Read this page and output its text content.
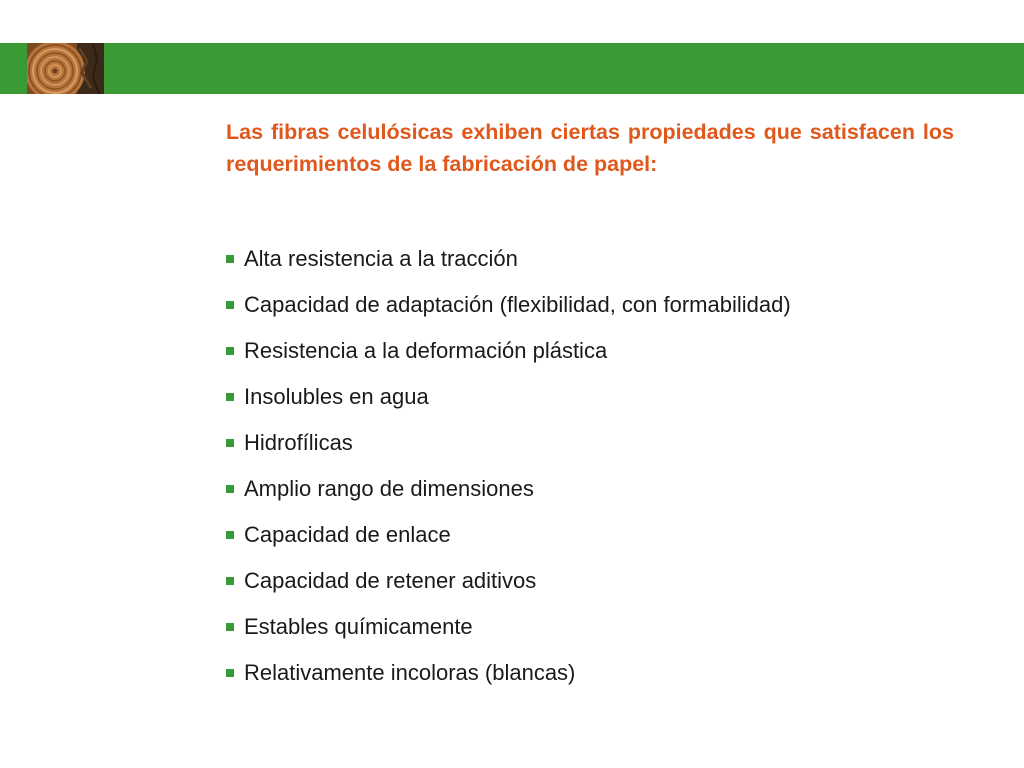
Las fibras celulósicas exhiben ciertas propiedades que satisfacen los requerimientos de la fabricación de papel:

Alta resistencia a la tracción
Capacidad de adaptación (flexibilidad, con formabilidad)
Resistencia a la deformación plástica
Insolubles en agua
Hidrofílicas
Amplio rango de dimensiones
Capacidad de enlace
Capacidad de retener aditivos
Estables químicamente
Relativamente incoloras (blancas)
